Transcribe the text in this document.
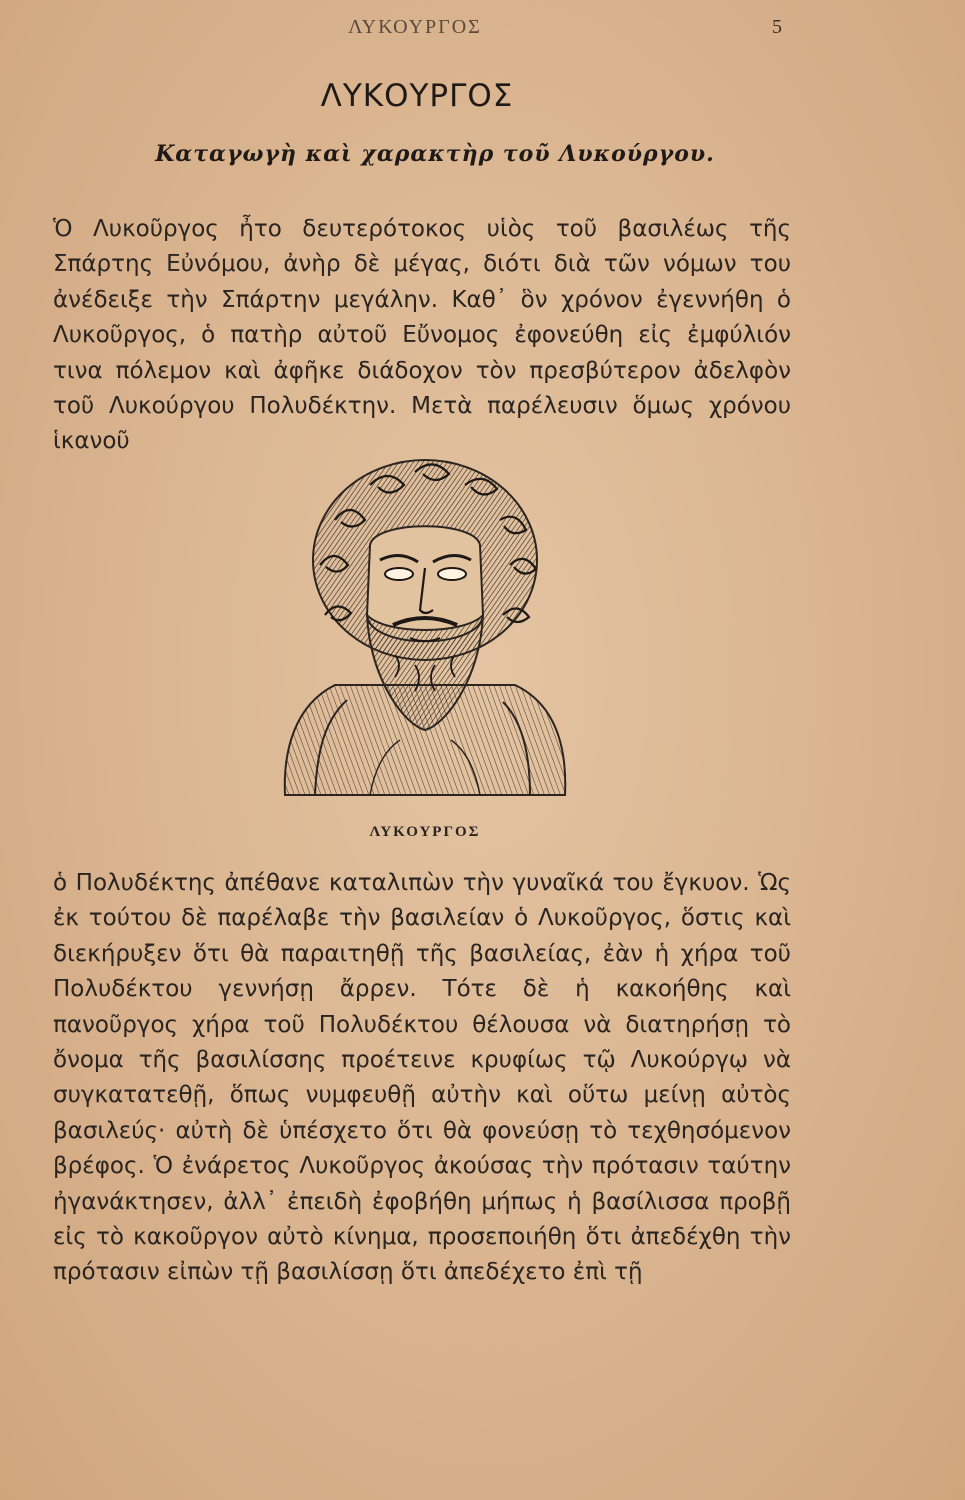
ΛΥΚΟΥΡΓΟΣ	5
ΛΥΚΟΥΡΓΟΣ
Καταγωγὴ καὶ χαρακτὴρ τοῦ Λυκούργου.

Ὁ Λυκοῦργος ἦτο δευτερότοκος υἱὸς τοῦ βασιλέως τῆς Σπάρτης Εὐνόμου, ἀνὴρ δὲ μέγας, διότι διὰ τῶν νόμων του ἀνέδειξε τὴν Σπάρτην μεγάλην. Καθ᾽ ὃν χρόνον ἐγεννήθη ὁ Λυκοῦργος, ὁ πατὴρ αὐτοῦ Εὔνομος ἐφονεύθη εἰς ἐμφύλιόν τινα πόλεμον καὶ ἀφῆκε διάδοχον τὸν πρεσβύτερον ἀδελφὸν τοῦ Λυκούργου Πολυδέκτην. Μετὰ παρέλευσιν ὅμως χρόνου ἱκανοῦ

ΛΥΚΟΥΡΓΟΣ

ὁ Πολυδέκτης ἀπέθανε καταλιπὼν τὴν γυναῖκά του ἔγκυον. Ὡς ἐκ τούτου δὲ παρέλαβε τὴν βασιλείαν ὁ Λυκοῦργος, ὅστις καὶ διεκήρυξεν ὅτι θὰ παραιτηθῇ τῆς βασιλείας, ἐὰν ἡ χήρα τοῦ Πολυδέκτου γεννήσῃ ἄρρεν. Τότε δὲ ἡ κακοήθης καὶ πανοῦργος χήρα τοῦ Πολυδέκτου θέλουσα νὰ διατηρήσῃ τὸ ὄνομα τῆς βασιλίσσης προέτεινε κρυφίως τῷ Λυκούργῳ νὰ συγκατατεθῇ, ὅπως νυμφευθῇ αὐτὴν καὶ οὕτω μείνῃ αὐτὸς βασιλεύς· αὐτὴ δὲ ὑπέσχετο ὅτι θὰ φονεύσῃ τὸ τεχθησόμενον βρέφος. Ὁ ἐνάρετος Λυκοῦργος ἀκούσας τὴν πρότασιν ταύτην ἠγανάκτησεν, ἀλλ᾽ ἐπειδὴ ἐφοβήθη μήπως ἡ βασίλισσα προβῇ εἰς τὸ κακοῦργον αὐτὸ κίνημα, προσεποιήθη ὅτι ἀπεδέχθη τὴν πρότασιν εἰπὼν τῇ βασιλίσσῃ ὅτι ἀπεδέχετο ἐπὶ τῇ
